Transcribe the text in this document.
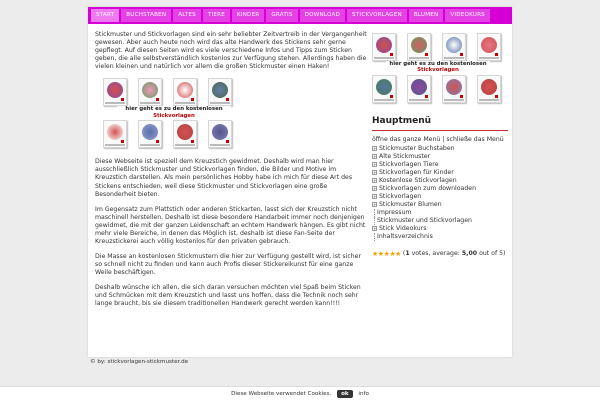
START	BUCHSTABEN	ALTES	TIERE	KINDER	GRATIS	DOWNLOAD	STICKVORLAGEN	BLUMEN	VIDEOKURS

Stickmuster und Stickvorlagen sind ein sehr beliebter Zeitvertreib in der Vergangenheit gewesen. Aber auch heute noch wird das alte Handwerk des Stickens sehr gerne gepflegt. Auf diesen Seiten wird es viele verschiedene Infos und Tipps zum Sticken geben, die alle selbstverständlich kostenlos zur Verfügung stehen. Allerdings haben die vielen kleinen und natürlich vor allem die großen Stickmuster einen Haken!

hier geht es zu den kostenlosen
Stickvorlagen

Diese Webseite ist speziell dem Kreuzstich gewidmet. Deshalb wird man hier ausschließlich Stickmuster und Stickvorlagen finden, die Bilder und Motive im Kreuzstich darstellen. Als mein persönliches Hobby habe ich mich für diese Art des Stickens entschieden, weil diese Stickmuster und Stickvorlagen eine große Besonderheit bieten.

Im Gegensatz zum Plattstich oder anderen Stickarten, lasst sich der Kreuzstich nicht maschinell herstellen. Deshalb ist diese besondere Handarbeit immer noch denjenigen gewidmet, die mit der ganzen Leidenschaft an echtem Handwerk hängen. Es gibt nicht mehr viele Bereiche, in denen das Möglich ist, deshalb ist diese Fan-Seite der Kreuzstickerei auch völlig kostenlos für den privaten gebrauch.

Die Masse an kostenlosen Stickmustern die hier zur Verfügung gestellt wird, ist sicher so schnell nicht zu finden und kann auch Profis dieser Stickereikunst für eine ganze Weile beschäftigen.

Deshalb wünsche ich allen, die sich daran versuchen möchten viel Spaß beim Sticken und Schmücken mit dem Kreuzstich und lasst uns hoffen, dass die Technik noch sehr lange braucht, bis sie diesem traditionellen Handwerk gerecht werden kann!!!!

hier geht es zu den kostenlosen
Stickvorlagen
Hauptmenü
öffne das ganze Menü | schließe das Menü
+ Stickmuster Buchstaben
+ Alte Stickmuster
+ Stickvorlagen Tiere
+ Stickvorlagen für Kinder
+ Kostenlose Stickvorlagen
+ Stickvorlagen zum downloaden
+ Stickvorlagen
+ Stickmuster Blumen
Impressum
Stickmuster und Stickvorlagen
+ Stick Videokurs
Inhaltsverzeichnis
★★★★★ (1 votes, average: 5,00 out of 5)
© by: stickvorlagen-stickmuster.de
Diese Webseite verwendet Cookies. ok info
